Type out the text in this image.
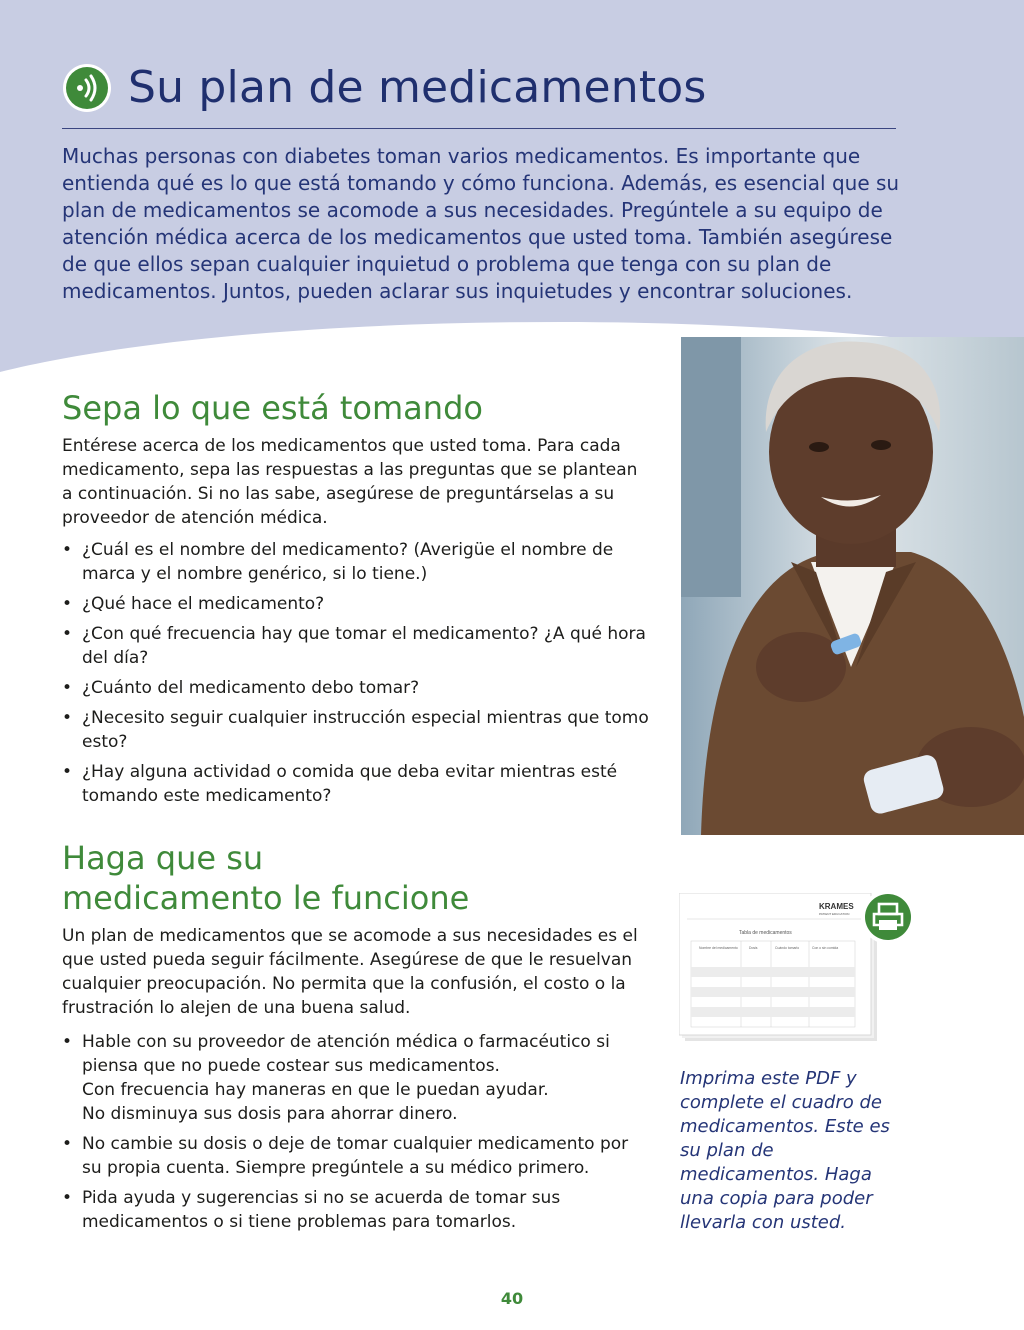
Su plan de medicamentos

Muchas personas con diabetes toman varios medicamentos. Es importante que entienda qué es lo que está tomando y cómo funciona. Además, es esencial que su plan de medicamentos se acomode a sus necesidades. Pregúntele a su equipo de atención médica acerca de los medicamentos que usted toma. También asegúrese de que ellos sepan cualquier inquietud o problema que tenga con su plan de medicamentos. Juntos, pueden aclarar sus inquietudes y encontrar soluciones.

Sepa lo que está tomando

Entérese acerca de los medicamentos que usted toma. Para cada medicamento, sepa las respuestas a las preguntas que se plantean a continuación. Si no las sabe, asegúrese de preguntárselas a su proveedor de atención médica.

• ¿Cuál es el nombre del medicamento? (Averigüe el nombre de marca y el nombre genérico, si lo tiene.)
• ¿Qué hace el medicamento?
• ¿Con qué frecuencia hay que tomar el medicamento? ¿A qué hora del día?
• ¿Cuánto del medicamento debo tomar?
• ¿Necesito seguir cualquier instrucción especial mientras que tomo esto?
• ¿Hay alguna actividad o comida que deba evitar mientras esté tomando este medicamento?
Haga que su medicamento le funcione

Un plan de medicamentos que se acomode a sus necesidades es el que usted pueda seguir fácilmente. Asegúrese de que le resuelvan cualquier preocupación. No permita que la confusión, el costo o la frustración lo alejen de una buena salud.

• Hable con su proveedor de atención médica o farmacéutico si piensa que no puede costear sus medicamentos.
Con frecuencia hay maneras en que le puedan ayudar.
No disminuya sus dosis para ahorrar dinero.
• No cambie su dosis o deje de tomar cualquier medicamento por su propia cuenta. Siempre pregúntele a su médico primero.
• Pida ayuda y sugerencias si no se acuerda de tomar sus medicamentos o si tiene problemas para tomarlos.
KRAMES
PATIENT EDUCATION
Tabla de medicamentos
Nombre del medicamento	Dosis	Cuándo tomarlo	Con o sin comida

Imprima este PDF y complete el cuadro de medicamentos. Este es su plan de medicamentos. Haga una copia para poder llevarla con usted.

40
